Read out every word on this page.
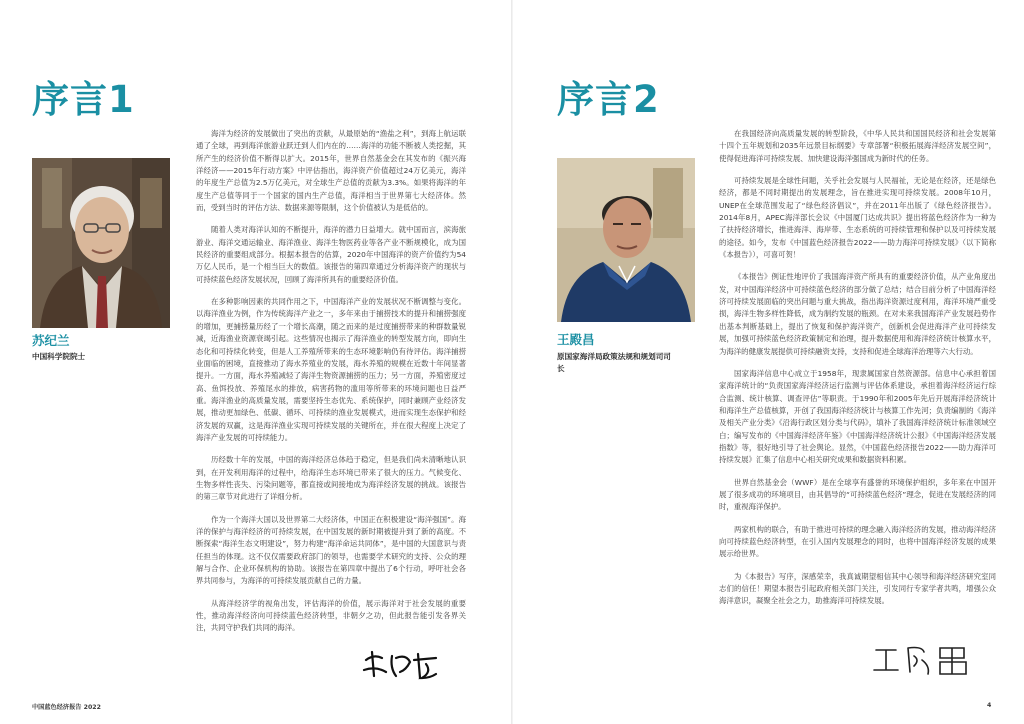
序言1
苏纪兰
中国科学院院士

海洋为经济的发展做出了突出的贡献，从最原始的“渔盐之利”，到海上航运联通了全球，再到海洋旅游业跃迁到人们内在的……海洋的功能不断被人类挖掘，其所产生的经济价值不断得以扩大。2015年，世界自然基金会在其发布的《振兴海洋经济——2015年行动方案》中评估指出，海洋资产价值超过24万亿美元，海洋的年度生产总值为2.5万亿美元，对全球生产总值的贡献为3.3%。如果将海洋的年度生产总值等同于一个国家的国内生产总值，海洋相当于世界第七大经济体。然而，受到当时的评估方法、数据来源等限制，这个价值被认为是低估的。

随着人类对海洋认知的不断提升，海洋的潜力日益增大。就中国而言，滨海旅游业、海洋交通运输业、海洋渔业、海洋生物医药业等各产业不断规模化，成为国民经济的重要组成部分。根据本报告的估算，2020年中国海洋的资产价值约为54万亿人民币，是一个相当巨大的数值。该报告的第四章通过分析海洋资产的现状与可持续蓝色经济发展状况，回顾了海洋所具有的重要经济价值。

在多种影响因素的共同作用之下，中国海洋产业的发展状况不断调整与变化。以海洋渔业为例，作为传统海洋产业之一，多年来由于捕捞技术的提升和捕捞强度的增加，更捕捞量历经了一个增长高潮，随之而来的是过度捕捞带来的种群数量锐减，近海渔业资源衰竭引起。这些情况也揭示了海洋渔业的转型发展方向，即向生态化和可持续化转变，但是人工养殖所带来的生态环境影响仍有待评估。海洋捕捞业面临的困境，直接推动了海水养殖业的发展，海水养殖的规模在近数十年间显著提升。一方面，海水养殖减轻了海洋生物资源捕捞的压力；另一方面，养殖密度过高、鱼饵投放、养殖尾水的排放，病害药物的滥用等所带来的环境问题也日益严重。海洋渔业的高质量发展，需要坚持生态优先、系统保护，同时兼顾产业经济发展，推动更加绿色、低碳、循环、可持续的渔业发展模式，进而实现生态保护和经济发展的双赢，这是海洋渔业实现可持续发展的关键所在，并在很大程度上决定了海洋产业发展的可持续能力。

历经数十年的发展，中国的海洋经济总体趋于稳定，但是我们尚未清晰地认识到，在开发利用海洋的过程中，给海洋生态环境已带来了很大的压力。气候变化、生物多样性丧失、污染问题等，都直接或间接地成为海洋经济发展的挑战。该报告的第三章节对此进行了详细分析。

作为一个海洋大国以及世界第二大经济体，中国正在积极建设“海洋强国”。海洋的保护与海洋经济的可持续发展，在中国发展的新时期被提升到了新的高度。不断探索“海洋生态文明建设”，努力构建“海洋命运共同体”，是中国的大国意识与责任担当的体现。这不仅仅需要政府部门的领导，也需要学术研究的支持、公众的理解与合作、企业环保机构的协助。该报告在第四章中提出了6个行动，呼吁社会各界共同参与，为海洋的可持续发展贡献自己的力量。

从海洋经济学的视角出发，评估海洋的价值，展示海洋对于社会发展的重要性，推动海洋经济向可持续蓝色经济转型，非朝夕之功，但此报告能引发各界关注，共同守护我们共同的海洋。

中国蓝色经济报告 2022
序言2
王殿昌
原国家海洋局政策法规和规划司司长

在我国经济向高质量发展的转型阶段，《中华人民共和国国民经济和社会发展第十四个五年规划和2035年远景目标纲要》专章部署“积极拓展海洋经济发展空间”，使得促进海洋可持续发展、加快建设海洋强国成为新时代的任务。

可持续发展是全球性问题，关乎社会发展与人民福祉，无论是在经济，还是绿色经济，都是不同时期提出的发展理念，旨在推进实现可持续发展。2008年10月，UNEP在全球范围发起了“绿色经济倡议”，并在2011年出版了《绿色经济报告》。2014年8月，APEC海洋部长会议《中国厦门达成共识》提出将蓝色经济作为一种为了扶持经济增长，推进海洋、海岸带、生态系统的可持续管理和保护以及可持续发展的途径。如今，发布《中国蓝色经济报告2022——助力海洋可持续发展》（以下简称《本报告》），可喜可贺！

《本报告》例证性地评价了我国海洋资产所具有的重要经济价值，从产业角度出发，对中国海洋经济中可持续蓝色经济的部分做了总结；结合目前分析了中国海洋经济可持续发展面临的突出问题与重大挑战，指出海洋资源过度利用，海洋环境严重受损，海洋生物多样性降低，成为制约发展的瓶颈。在对未来我国海洋产业发展趋势作出基本判断基础上，提出了恢复和保护海洋资产，创新机会促进海洋产业可持续发展，加强可持续蓝色经济政策制定和治理，提升数据使用和海洋经济统计核算水平，为海洋的健康发展提供可持续融资支持，支持和促进全球海洋治理等六大行动。

国家海洋信息中心成立于1958年，现隶属国家自然资源部。信息中心承担着国家海洋统计的“负责国家海洋经济运行监测与评估体系建设，承担着海洋经济运行综合监测、统计核算、调查评估”等职责。于1990年和2005年先后开展海洋经济统计和海洋生产总值核算，开创了我国海洋经济统计与核算工作先河；负责编制的《海洋及相关产业分类》《沿海行政区划分类与代码》，填补了我国海洋经济统计标准领域空白；编写发布的《中国海洋经济年鉴》《中国海洋经济统计公报》《中国海洋经济发展指数》等，很好地引导了社会舆论。显然，《中国蓝色经济报告2022——助力海洋可持续发展》汇集了信息中心相关研究成果和数据资料积累。

世界自然基金会（WWF）是在全球享有盛誉的环境保护组织，多年来在中国开展了很多成功的环境项目，由其倡导的“可持续蓝色经济”理念，促进在发展经济的同时，重视海洋保护。

两家机构的联合，有助于推进可持续的理念融入海洋经济的发展，推动海洋经济向可持续蓝色经济转型，在引入国内发展理念的同时，也将中国海洋经济发展的成果展示给世界。

为《本报告》写序，深感荣幸，我真诚期望相信其中心领导和海洋经济研究室同志们的信任！期望本报告引起政府相关部门关注，引发同行专家学者共鸣，增强公众海洋意识，凝聚全社会之力，助推海洋可持续发展。

4
